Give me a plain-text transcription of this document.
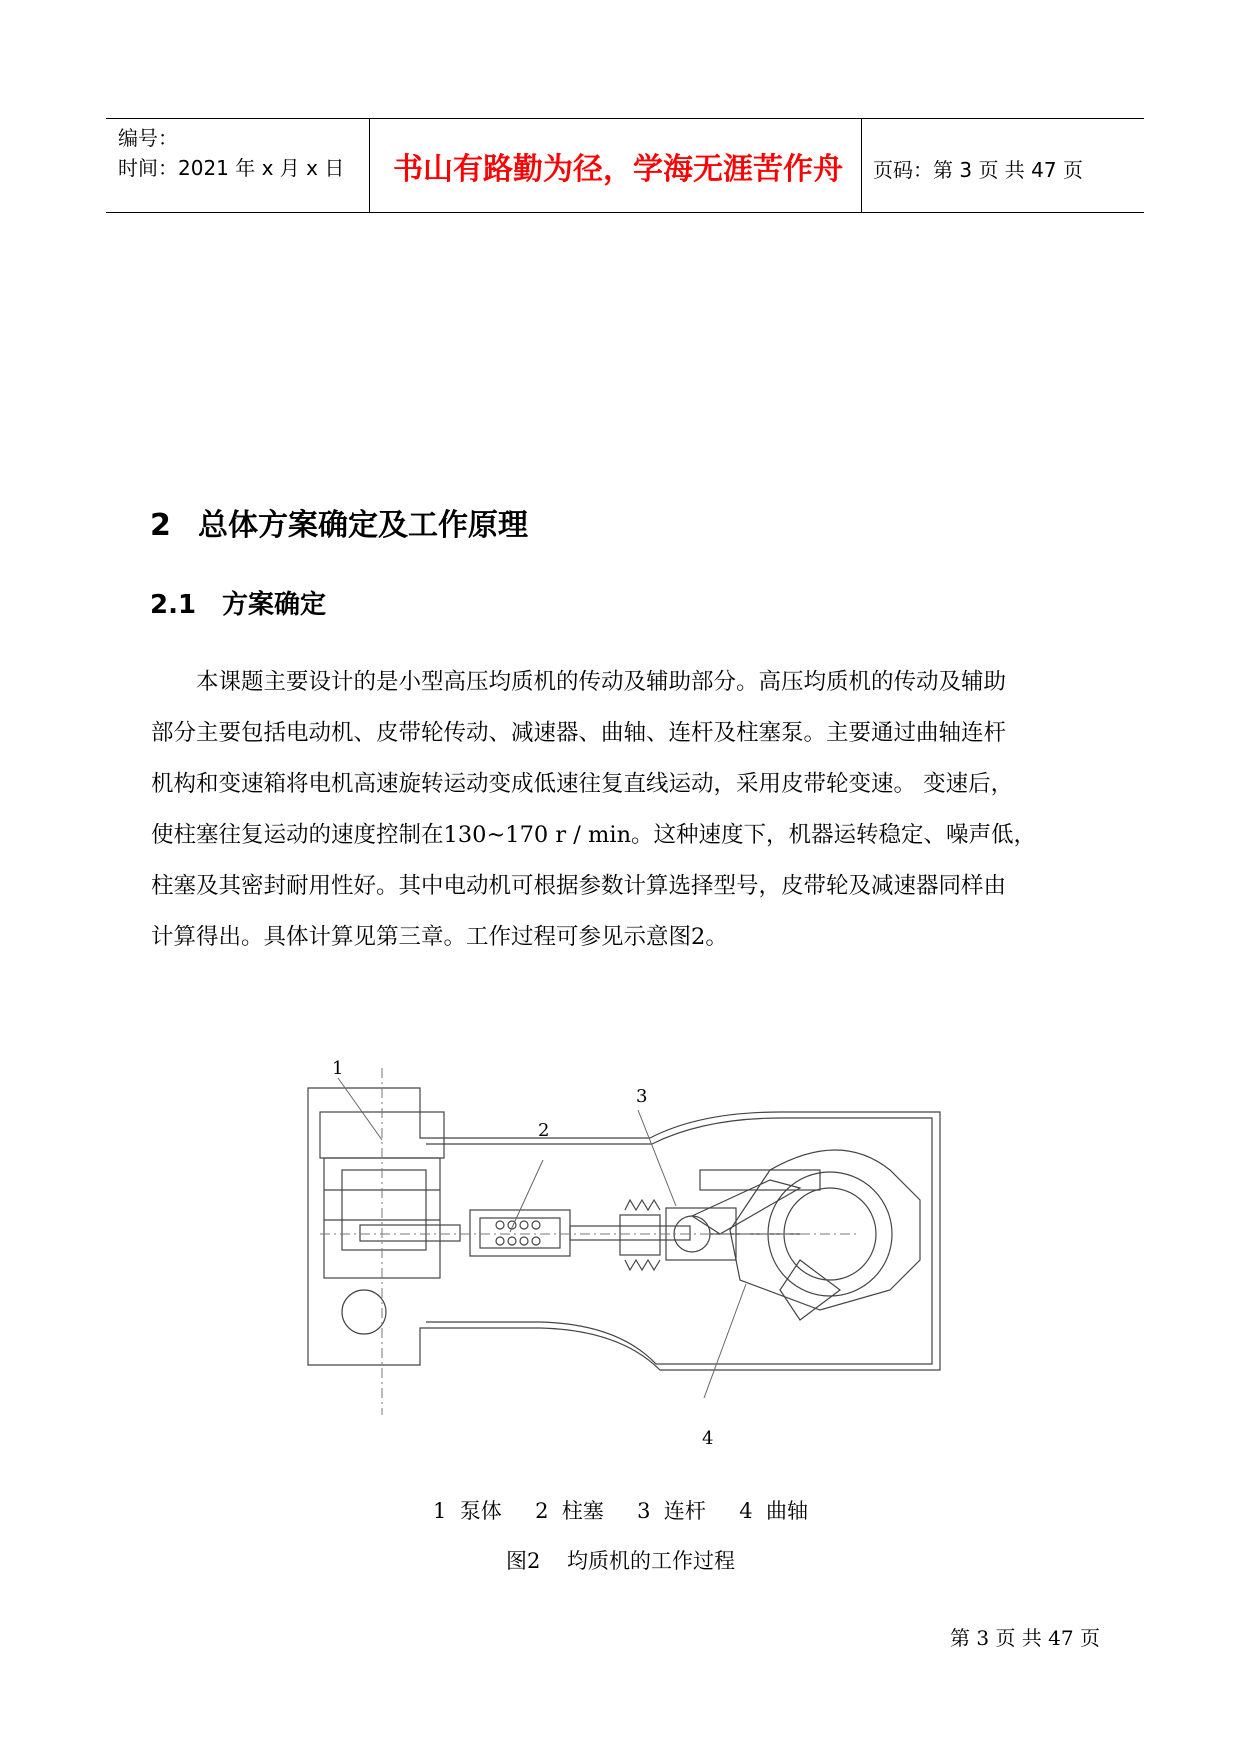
编号：
时间：2021 年 x 月 x 日 书山有路勤为径，学海无涯苦作舟 页码：第 3 页 共 47 页
2 总体方案确定及工作原理
2.1 方案确定
　　本课题主要设计的是小型高压均质机的传动及辅助部分。高压均质机的传动及辅助
部分主要包括电动机、皮带轮传动、减速器、曲轴、连杆及柱塞泵。主要通过曲轴连杆
机构和变速箱将电机高速旋转运动变成低速往复直线运动，采用皮带轮变速。 变速后，
使柱塞往复运动的速度控制在130~170 r / min。这种速度下，机器运转稳定、噪声低，
柱塞及其密封耐用性好。其中电动机可根据参数计算选择型号，皮带轮及减速器同样由
计算得出。具体计算见第三章。工作过程可参见示意图2。
1
2
3
4
1  泵体     2  柱塞     3  连杆     4  曲轴
图2    均质机的工作过程
第 3 页 共 47 页
